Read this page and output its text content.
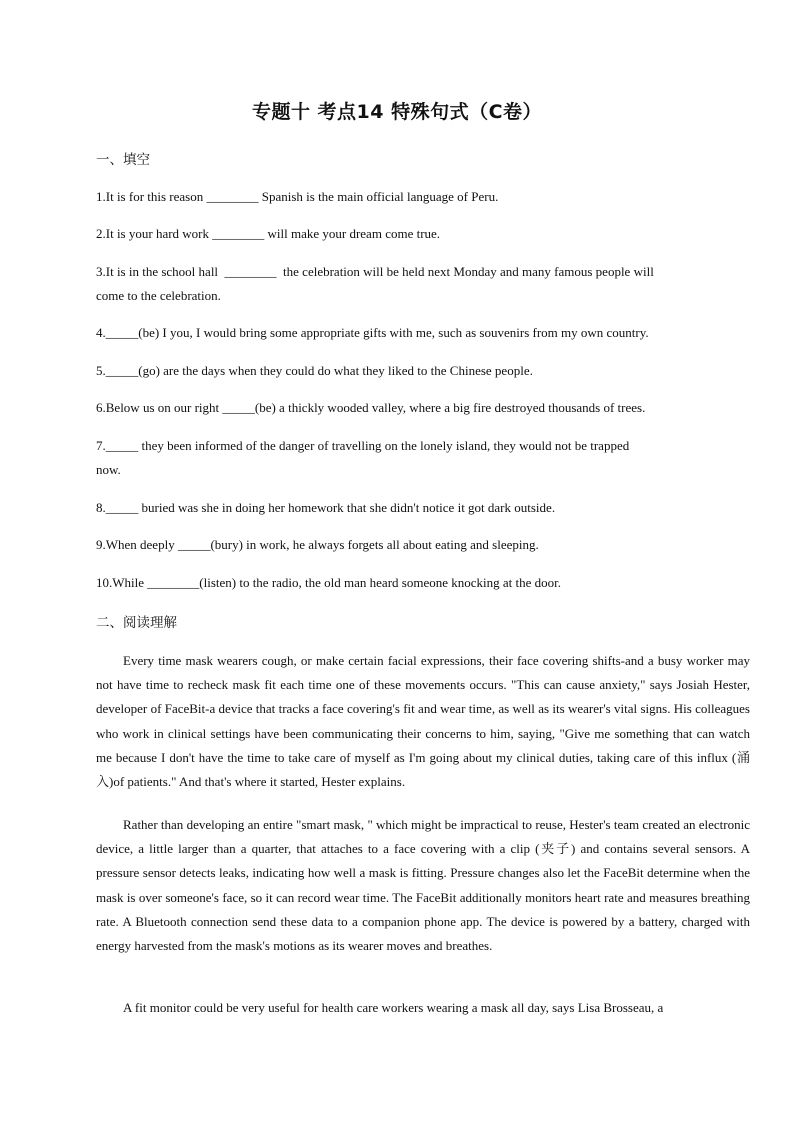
专题十 考点14 特殊句式（C卷）
一、填空
1.It is for this reason ________ Spanish is the main official language of Peru.
2.It is your hard work ________ will make your dream come true.
3.It is in the school hall  ________  the celebration will be held next Monday and many famous people will
come to the celebration.
4._____(be) I you, I would bring some appropriate gifts with me, such as souvenirs from my own country.
5._____(go) are the days when they could do what they liked to the Chinese people.
6.Below us on our right _____(be) a thickly wooded valley, where a big fire destroyed thousands of trees.
7._____ they been informed of the danger of travelling on the lonely island, they would not be trapped
now.
8._____ buried was she in doing her homework that she didn't notice it got dark outside.
9.When deeply _____(bury) in work, he always forgets all about eating and sleeping.
10.While ________(listen) to the radio, the old man heard someone knocking at the door.
二、阅读理解
Every time mask wearers cough, or make certain facial expressions, their face covering shifts-and a busy worker may not have time to recheck mask fit each time one of these movements occurs. "This can cause anxiety," says Josiah Hester, developer of FaceBit-a device that tracks a face covering's fit and wear time, as well as its wearer's vital signs. His colleagues who work in clinical settings have been communicating their concerns to him, saying, "Give me something that can watch me because I don't have the time to take care of myself as I'm going about my clinical duties, taking care of this influx (涌入)of patients." And that's where it started, Hester explains.
Rather than developing an entire "smart mask, " which might be impractical to reuse, Hester's team created an electronic device, a little larger than a quarter, that attaches to a face covering with a clip (夹子) and contains several sensors. A pressure sensor detects leaks, indicating how well a mask is fitting. Pressure changes also let the FaceBit determine when the mask is over someone's face, so it can record wear time. The FaceBit additionally monitors heart rate and measures breathing rate. A Bluetooth connection send these data to a companion phone app. The device is powered by a battery, charged with energy harvested from the mask's motions as its wearer moves and breathes.
A fit monitor could be very useful for health care workers wearing a mask all day, says Lisa Brosseau, a
